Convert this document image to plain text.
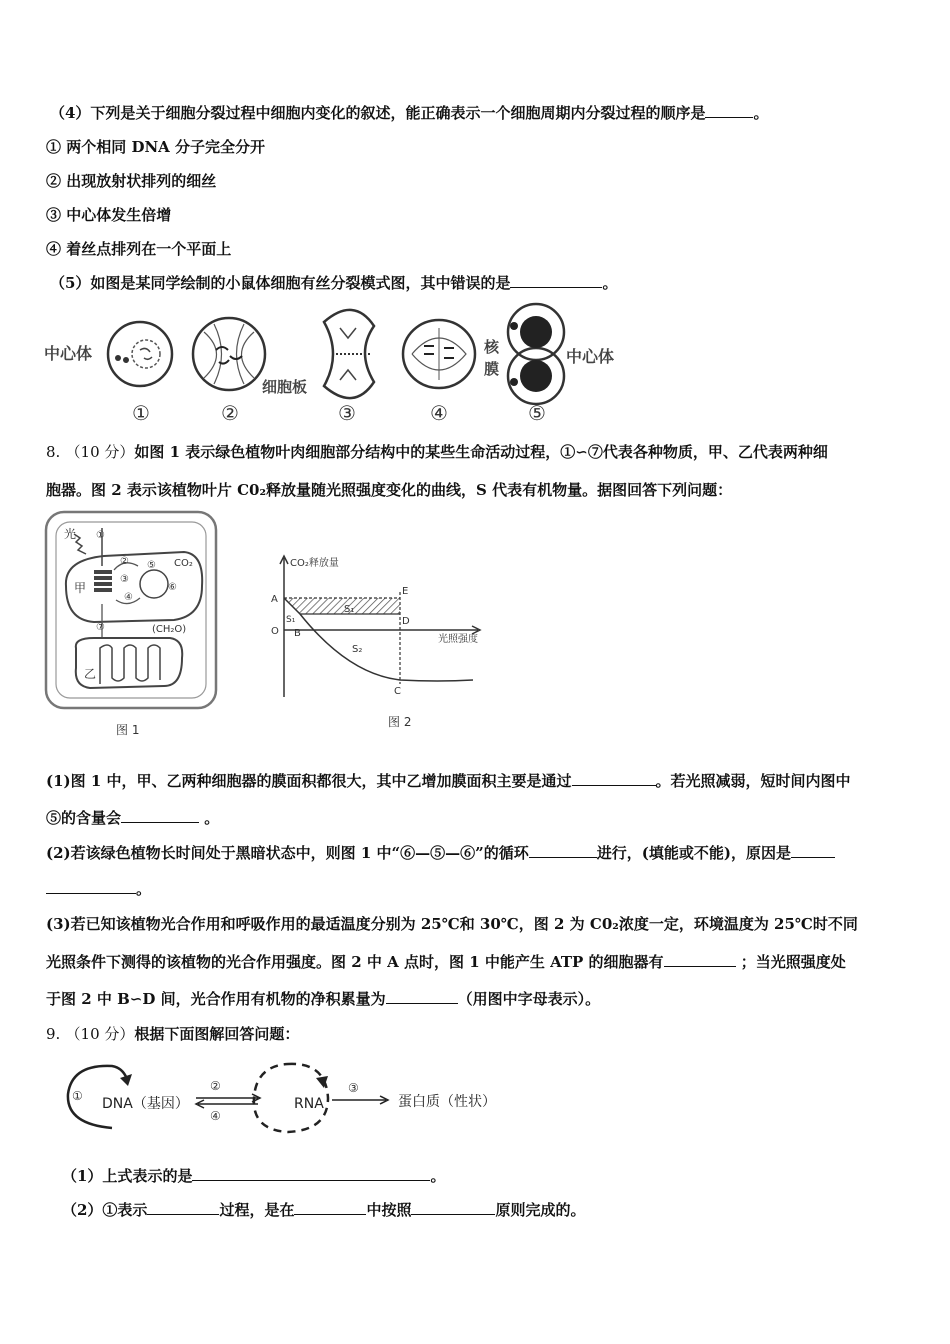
（4）下列是关于细胞分裂过程中细胞内变化的叙述，能正确表示一个细胞周期内分裂过程的顺序是	。
① 两个相同 DNA 分子完全分开
② 出现放射状排列的细丝
③ 中心体发生倍增
④ 着丝点排列在一个平面上
（5）如图是某同学绘制的小鼠体细胞有丝分裂模式图，其中错误的是	。
中心体
细胞板
核
膜
中心体
①	②	③	④	⑤
8. （10 分）如图 1 表示绿色植物叶肉细胞部分结构中的某些生命活动过程，①∽⑦代表各种物质，甲、乙代表两种细
胞器。图 2 表示该植物叶片 C0₂释放量随光照强度变化的曲线，S 代表有机物量。据图回答下列问题：
光
甲
乙
CO₂
(CH₂O)
①
②
③
④
⑤
⑥
⑦
图 1
CO₂释放量
光照强度
A
O B
C
D
E
S₁
S₁
S₂
图 2
(1)图 1 中，甲、乙两种细胞器的膜面积都很大，其中乙增加膜面积主要是通过	。若光照减弱，短时间内图中
⑤的含量会	。
(2)若该绿色植物长时间处于黑暗状态中，则图 1 中“⑥—⑤—⑥”的循环	进行，(填能或不能)，原因是
。
(3)若已知该植物光合作用和呼吸作用的最适温度分别为 25℃和 30℃，图 2 为 C0₂浓度一定，环境温度为 25℃时不同
光照条件下测得的该植物的光合作用强度。图 2 中 A 点时，图 1 中能产生 ATP 的细胞器有	；当光照强度处
于图 2 中 B∽D 间，光合作用有机物的净积累量为	（用图中字母表示）。
9. （10 分）根据下面图解回答问题：
① DNA（基因）
②
④
RNA
③
蛋白质（性状）
（1）上式表示的是	。
（2）①表示	过程，是在	中按照	原则完成的。
